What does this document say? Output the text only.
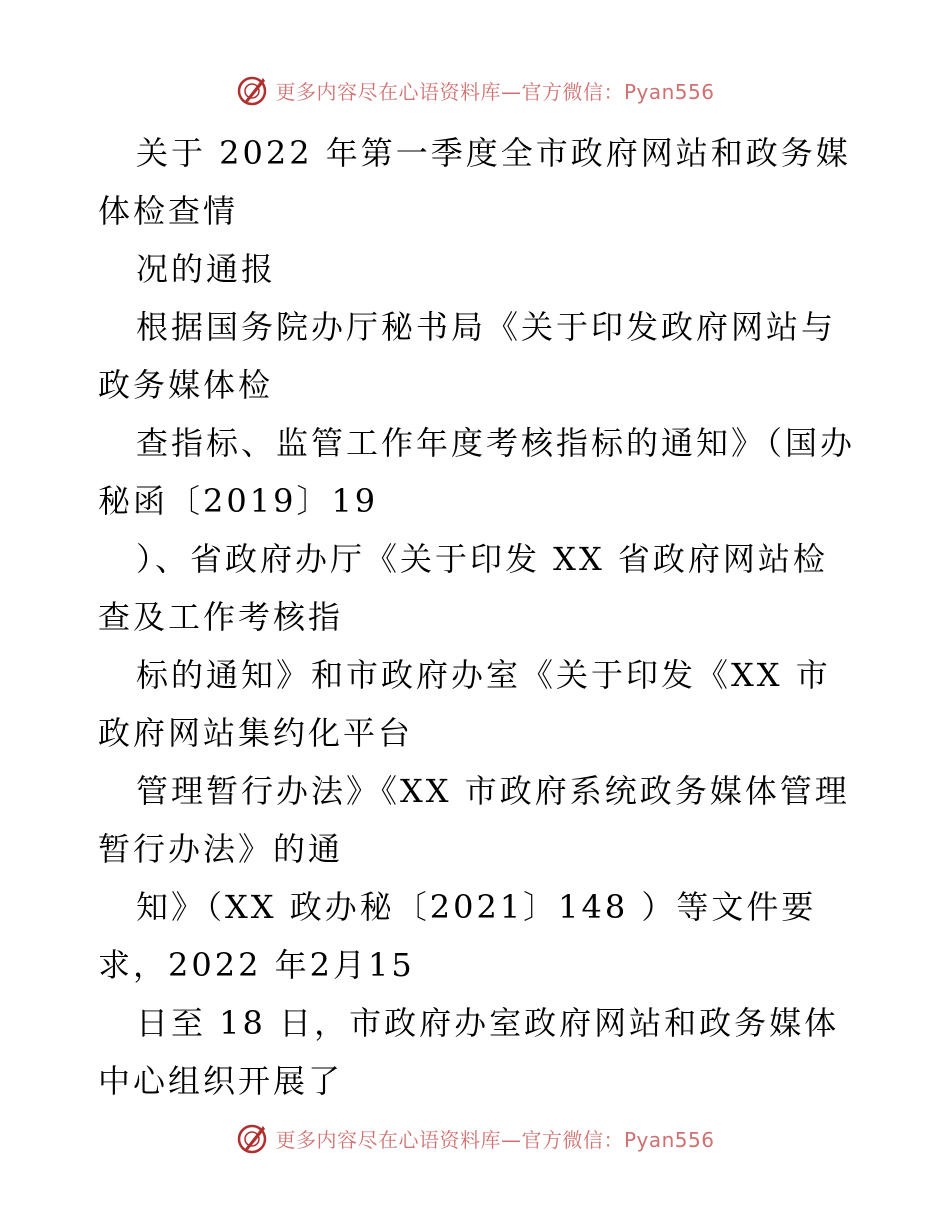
更多内容尽在心语资料库—官方微信：Pyan556

关于 2022 年第一季度全市政府网站和政务媒体检查情

况的通报

根据国务院办厅秘书局《关于印发政府网站与政务媒体检

查指标、监管工作年度考核指标的通知》（国办秘函〔2019〕19

）、省政府办厅《关于印发 XX 省政府网站检查及工作考核指

标的通知》和市政府办室《关于印发《XX 市政府网站集约化平台

管理暂行办法》《XX 市政府系统政务媒体管理暂行办法》的通

知》（XX 政办秘〔2021〕148 ）等文件要求，2022 年2月15

日至 18 日，市政府办室政府网站和政务媒体中心组织开展了

更多内容尽在心语资料库—官方微信：Pyan556
